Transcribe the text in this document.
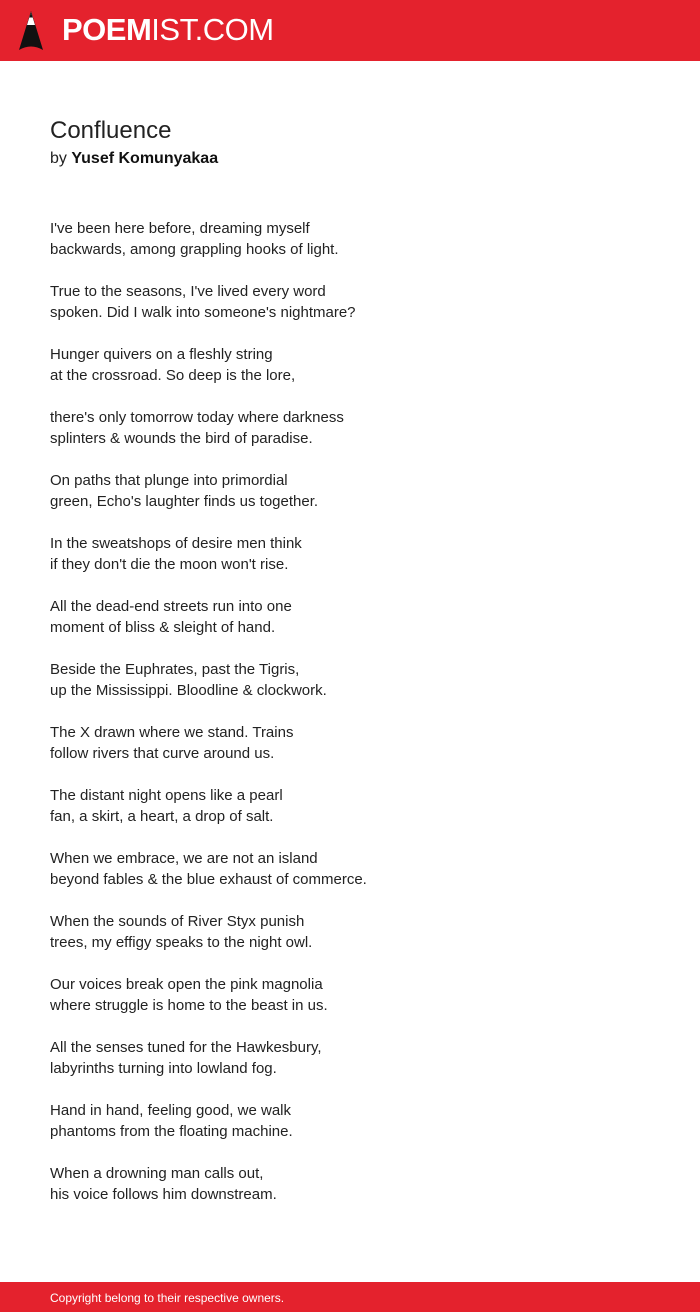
POEMIST.COM
Confluence
by Yusef Komunyakaa
I've been here before, dreaming myself
backwards, among grappling hooks of light.
True to the seasons, I've lived every word
spoken. Did I walk into someone's nightmare?
Hunger quivers on a fleshly string
at the crossroad. So deep is the lore,
there's only tomorrow today where darkness
splinters & wounds the bird of paradise.
On paths that plunge into primordial
green, Echo's laughter finds us together.
In the sweatshops of desire men think
if they don't die the moon won't rise.
All the dead-end streets run into one
moment of bliss & sleight of hand.
Beside the Euphrates, past the Tigris,
up the Mississippi. Bloodline & clockwork.
The X drawn where we stand. Trains
follow rivers that curve around us.
The distant night opens like a pearl
fan, a skirt, a heart, a drop of salt.
When we embrace, we are not an island
beyond fables & the blue exhaust of commerce.
When the sounds of River Styx punish
trees, my effigy speaks to the night owl.
Our voices break open the pink magnolia
where struggle is home to the beast in us.
All the senses tuned for the Hawkesbury,
labyrinths turning into lowland fog.
Hand in hand, feeling good, we walk
phantoms from the floating machine.
When a drowning man calls out,
his voice follows him downstream.
Copyright belong to their respective owners.
